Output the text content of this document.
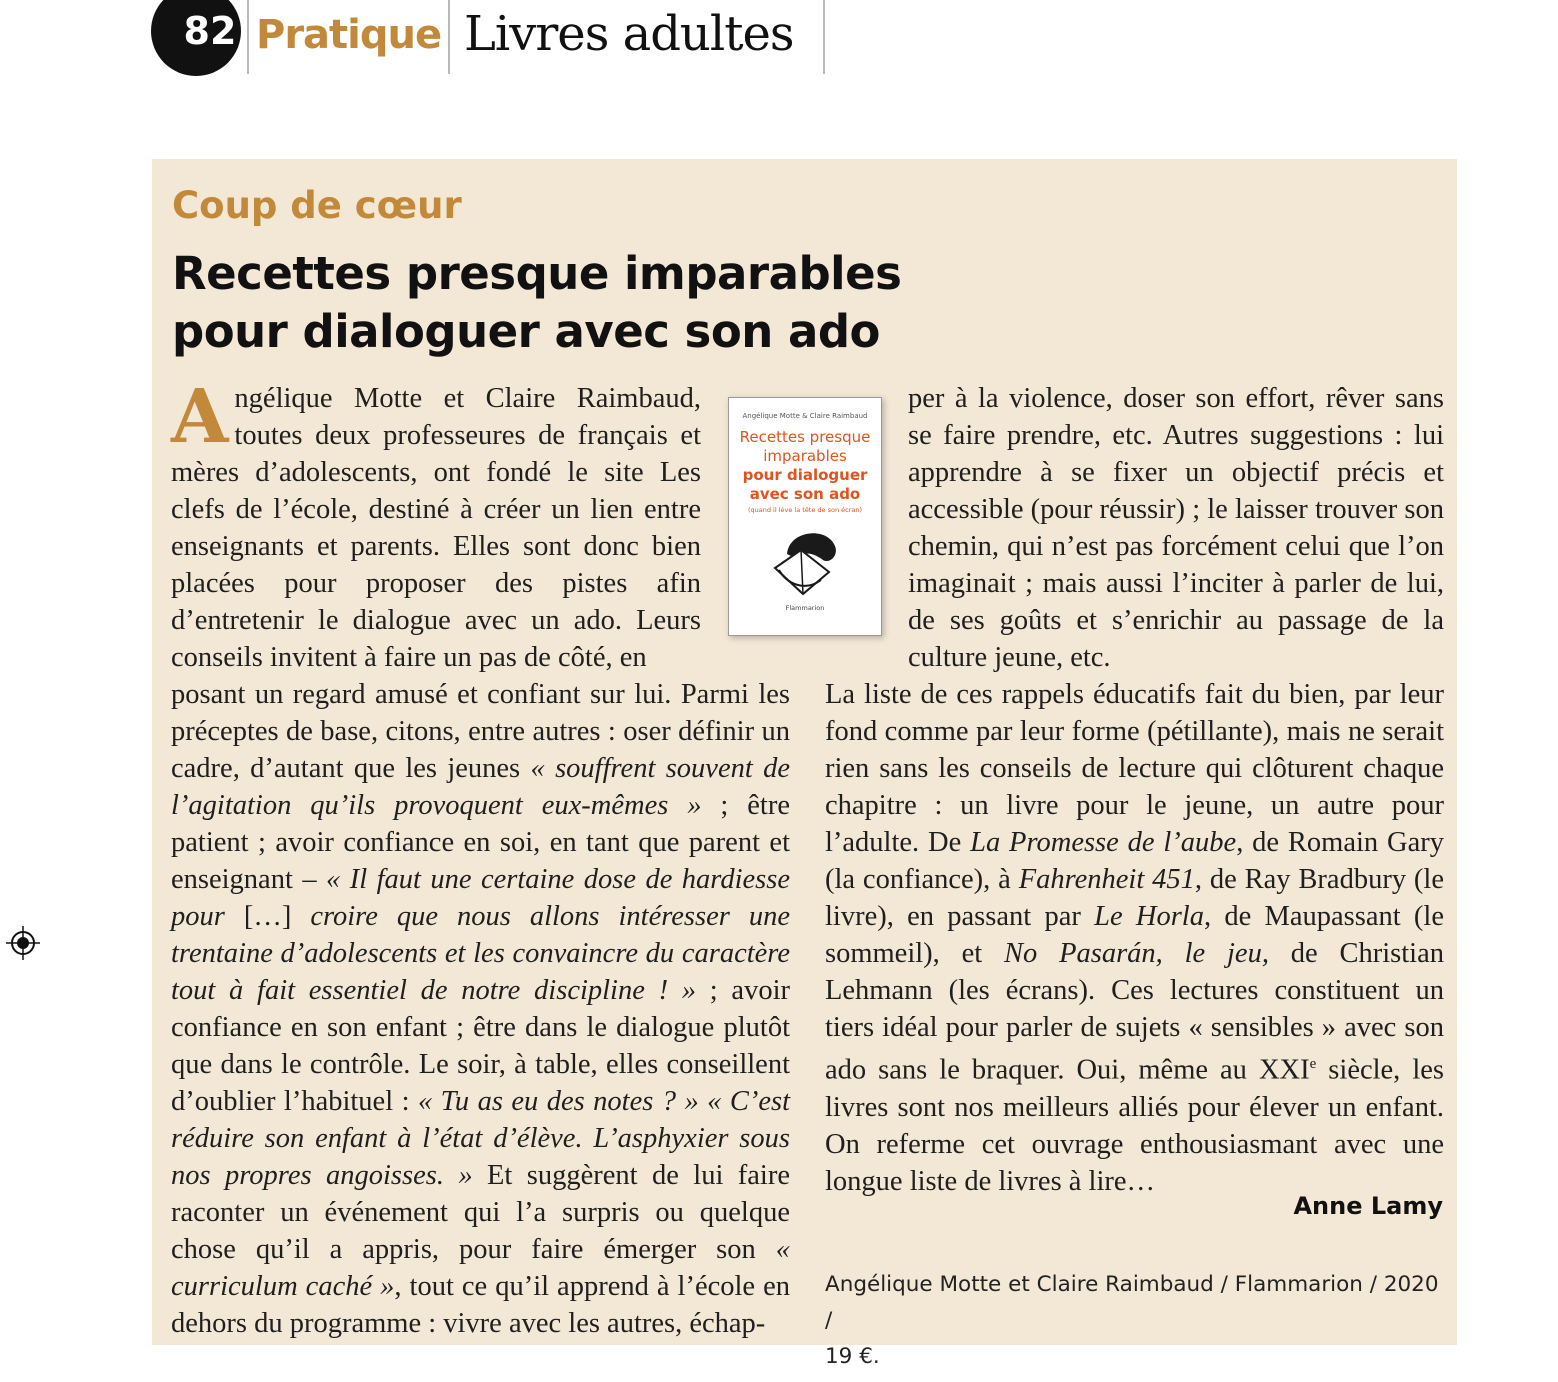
82 Pratique Livres adultes
Coup de cœur
Recettes presque imparables
pour dialoguer avec son ado

Angélique Motte et Claire Raimbaud, toutes deux professeures de français et mères d’adolescents, ont fondé le site Les clefs de l’école, destiné à créer un lien entre enseignants et parents. Elles sont donc bien placées pour proposer des pistes afin d’entretenir le dialogue avec un ado. Leurs conseils invitent à faire un pas de côté, en

posant un regard amusé et confiant sur lui. Parmi les préceptes de base, citons, entre autres : oser définir un cadre, d’autant que les jeunes « souffrent souvent de l’agitation qu’ils provoquent eux-mêmes » ; être patient ; avoir confiance en soi, en tant que parent et enseignant – « Il faut une certaine dose de hardiesse pour […] croire que nous allons intéresser une trentaine d’adolescents et les convaincre du caractère tout à fait essentiel de notre discipline ! » ; avoir confiance en son enfant ; être dans le dialogue plutôt que dans le contrôle. Le soir, à table, elles conseillent d’oublier l’habituel : « Tu as eu des notes ? » « C’est réduire son enfant à l’état d’élève. L’asphyxier sous nos propres angoisses. » Et suggèrent de lui faire raconter un événement qui l’a surpris ou quelque chose qu’il a appris, pour faire émerger son « curriculum caché », tout ce qu’il apprend à l’école en dehors du programme : vivre avec les autres, échap-

Angélique Motte & Claire Raimbaud
Recettes presque imparables
pour dialoguer avec son ado
(quand il lève la tête de son écran)
Flammarion

per à la violence, doser son effort, rêver sans se faire prendre, etc. Autres suggestions : lui apprendre à se fixer un objectif précis et accessible (pour réussir) ; le laisser trouver son chemin, qui n’est pas forcément celui que l’on imaginait ; mais aussi l’inciter à parler de lui, de ses goûts et s’enrichir au passage de la culture jeune, etc.

La liste de ces rappels éducatifs fait du bien, par leur fond comme par leur forme (pétillante), mais ne serait rien sans les conseils de lecture qui clôturent chaque chapitre : un livre pour le jeune, un autre pour l’adulte. De La Promesse de l’aube, de Romain Gary (la confiance), à Fahrenheit 451, de Ray Bradbury (le livre), en passant par Le Horla, de Maupassant (le sommeil), et No Pasarán, le jeu, de Christian Lehmann (les écrans). Ces lectures constituent un tiers idéal pour parler de sujets « sensibles » avec son ado sans le braquer. Oui, même au XXIe siècle, les livres sont nos meilleurs alliés pour élever un enfant. On referme cet ouvrage enthousiasmant avec une longue liste de livres à lire…

Anne Lamy
Angélique Motte et Claire Raimbaud / Flammarion / 2020 /
19 €.
